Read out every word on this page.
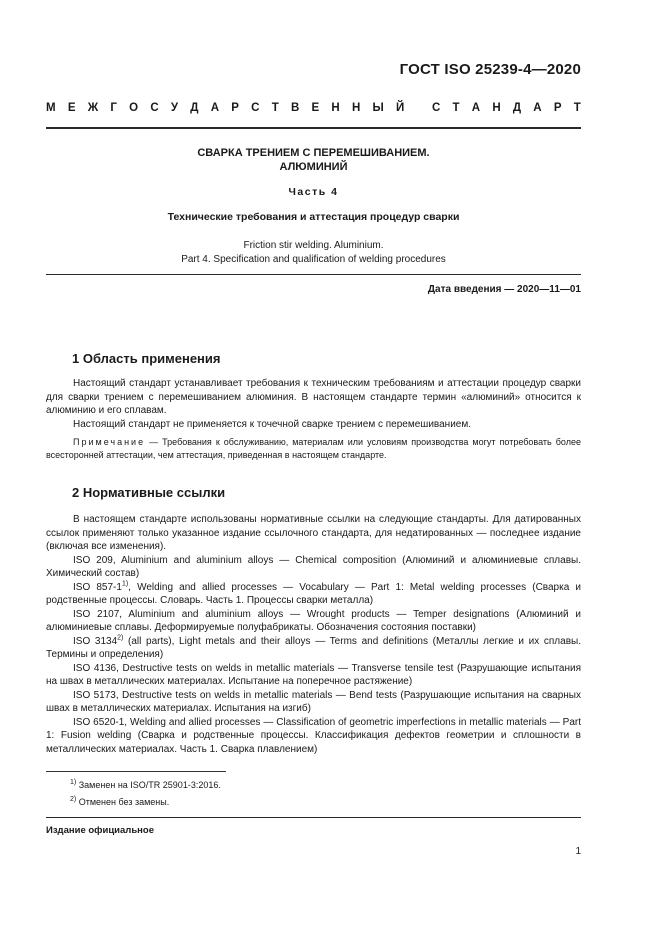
ГОСТ ISO 25239-4—2020
М Е Ж Г О С У Д А Р С Т В Е Н Н Ы Й
С Т А Н Д А Р Т
СВАРКА ТРЕНИЕМ С ПЕРЕМЕШИВАНИЕМ.
АЛЮМИНИЙ
Часть 4
Технические требования и аттестация процедур сварки
Friction stir welding. Aluminium.
Part 4. Specification and qualification of welding procedures
Дата введения — 2020—11—01
1 Область применения

Настоящий стандарт устанавливает требования к техническим требованиям и аттестации процедур сварки для сварки трением с перемешиванием алюминия. В настоящем стандарте термин «алюминий» относится к алюминию и его сплавам.

Настоящий стандарт не применяется к точечной сварке трением с перемешиванием.

Примечание — Требования к обслуживанию, материалам или условиям производства могут потребовать более всесторонней аттестации, чем аттестация, приведенная в настоящем стандарте.

2 Нормативные ссылки

В настоящем стандарте использованы нормативные ссылки на следующие стандарты. Для датированных ссылок применяют только указанное издание ссылочного стандарта, для недатированных — последнее издание (включая все изменения).

ISO 209, Aluminium and aluminium alloys — Chemical composition (Алюминий и алюминиевые сплавы. Химический состав)

ISO 857-1$^{1)}$, Welding and allied processes — Vocabulary — Part 1: Metal welding processes (Сварка и родственные процессы. Словарь. Часть 1. Процессы сварки металла)

ISO 2107, Aluminium and aluminium alloys — Wrought products — Temper designations (Алюминий и алюминиевые сплавы. Деформируемые полуфабрикаты. Обозначения состояния поставки)

ISO 3134$^{2)}$ (all parts), Light metals and their alloys — Terms and definitions (Металлы легкие и их сплавы. Термины и определения)

ISO 4136, Destructive tests on welds in metallic materials — Transverse tensile test (Разрушающие испытания на швах в металлических материалах. Испытание на поперечное растяжение)

ISO 5173, Destructive tests on welds in metallic materials — Bend tests (Разрушающие испытания на сварных швах в металлических материалах. Испытания на изгиб)

ISO 6520-1, Welding and allied processes — Classification of geometric imperfections in metallic materials — Part 1: Fusion welding (Сварка и родственные процессы. Классификация дефектов геометрии и сплошности в металлических материалах. Часть 1. Сварка плавлением)

$^{1)}$ Заменен на ISO/TR 25901-3:2016.
$^{2)}$ Отменен без замены.
Издание официальное
1
